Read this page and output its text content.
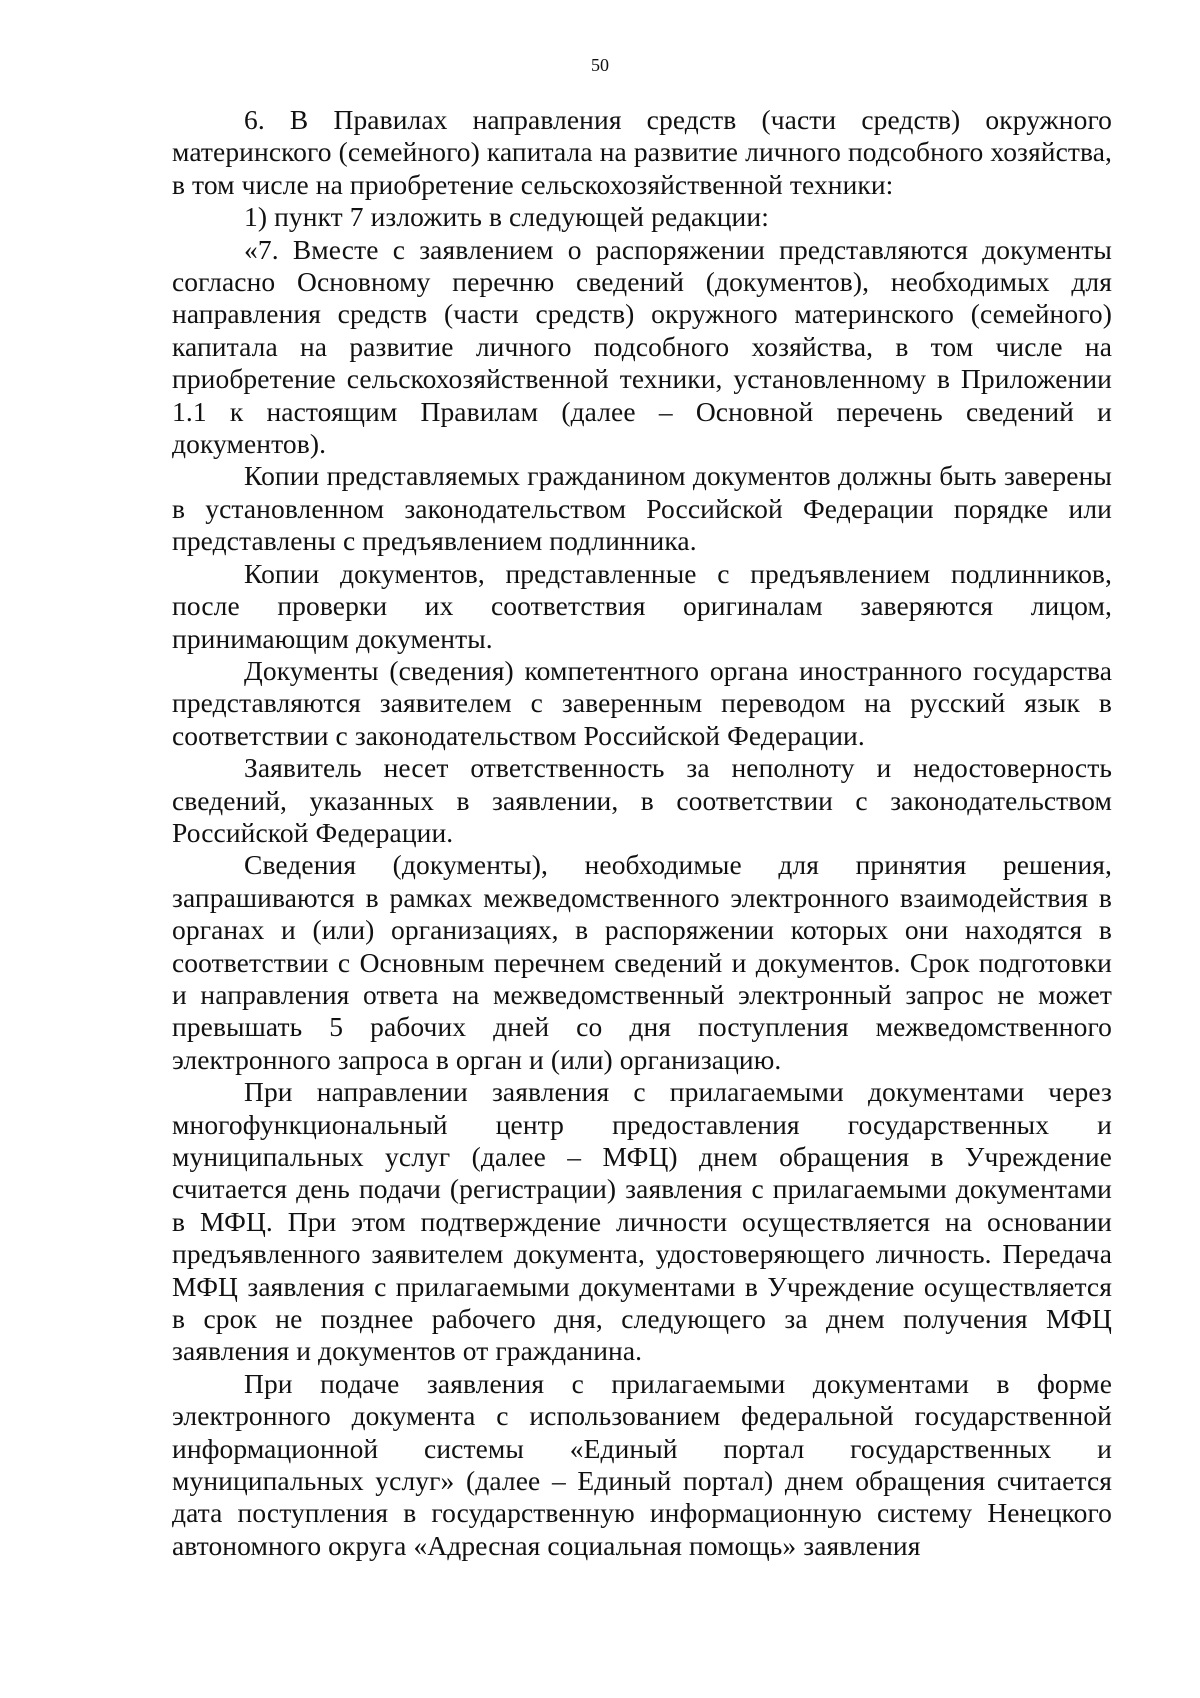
50

6. В Правилах направления средств (части средств) окружного материнского (семейного) капитала на развитие личного подсобного хозяйства, в том числе на приобретение сельскохозяйственной техники:

1) пункт 7 изложить в следующей редакции:

«7. Вместе с заявлением о распоряжении представляются документы согласно Основному перечню сведений (документов), необходимых для направления средств (части средств) окружного материнского (семейного) капитала на развитие личного подсобного хозяйства, в том числе на приобретение сельскохозяйственной техники, установленному в Приложении 1.1 к настоящим Правилам (далее – Основной перечень сведений и документов).

Копии представляемых гражданином документов должны быть заверены в установленном законодательством Российской Федерации порядке или представлены с предъявлением подлинника.

Копии документов, представленные с предъявлением подлинников, после проверки их соответствия оригиналам заверяются лицом, принимающим документы.

Документы (сведения) компетентного органа иностранного государства представляются заявителем с заверенным переводом на русский язык в соответствии с законодательством Российской Федерации.

Заявитель несет ответственность за неполноту и недостоверность сведений, указанных в заявлении, в соответствии с законодательством Российской Федерации.

Сведения (документы), необходимые для принятия решения, запрашиваются в рамках межведомственного электронного взаимодействия в органах и (или) организациях, в распоряжении которых они находятся в соответствии с Основным перечнем сведений и документов. Срок подготовки и направления ответа на межведомственный электронный запрос не может превышать 5 рабочих дней со дня поступления межведомственного электронного запроса в орган и (или) организацию.

При направлении заявления с прилагаемыми документами через многофункциональный центр предоставления государственных и муниципальных услуг (далее – МФЦ) днем обращения в Учреждение считается день подачи (регистрации) заявления с прилагаемыми документами в МФЦ. При этом подтверждение личности осуществляется на основании предъявленного заявителем документа, удостоверяющего личность. Передача МФЦ заявления с прилагаемыми документами в Учреждение осуществляется в срок не позднее рабочего дня, следующего за днем получения МФЦ заявления и документов от гражданина.

При подаче заявления с прилагаемыми документами в форме электронного документа с использованием федеральной государственной информационной системы «Единый портал государственных и муниципальных услуг» (далее – Единый портал) днем обращения считается дата поступления в государственную информационную систему Ненецкого автономного округа «Адресная социальная помощь» заявления
